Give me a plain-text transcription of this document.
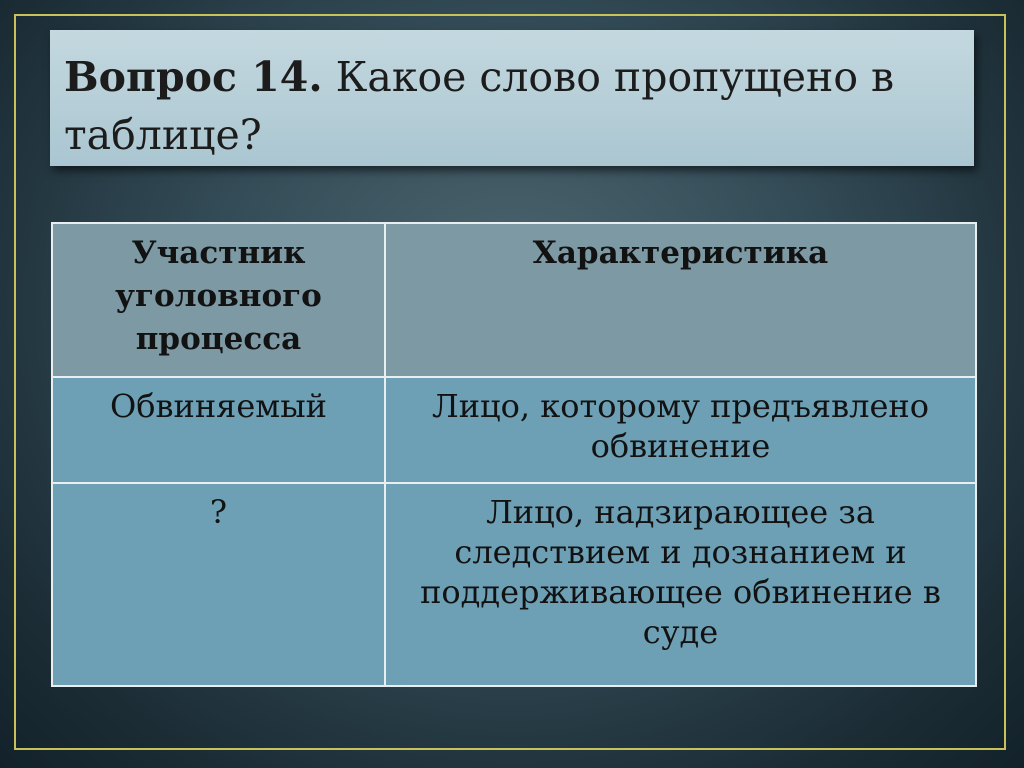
Вопрос 14. Какое слово пропущено в таблице?
Участник уголовного процесса	Характеристика
Обвиняемый	Лицо, которому предъявлено обвинение
?	Лицо, надзирающее за следствием и дознанием и поддерживающее обвинение в суде
